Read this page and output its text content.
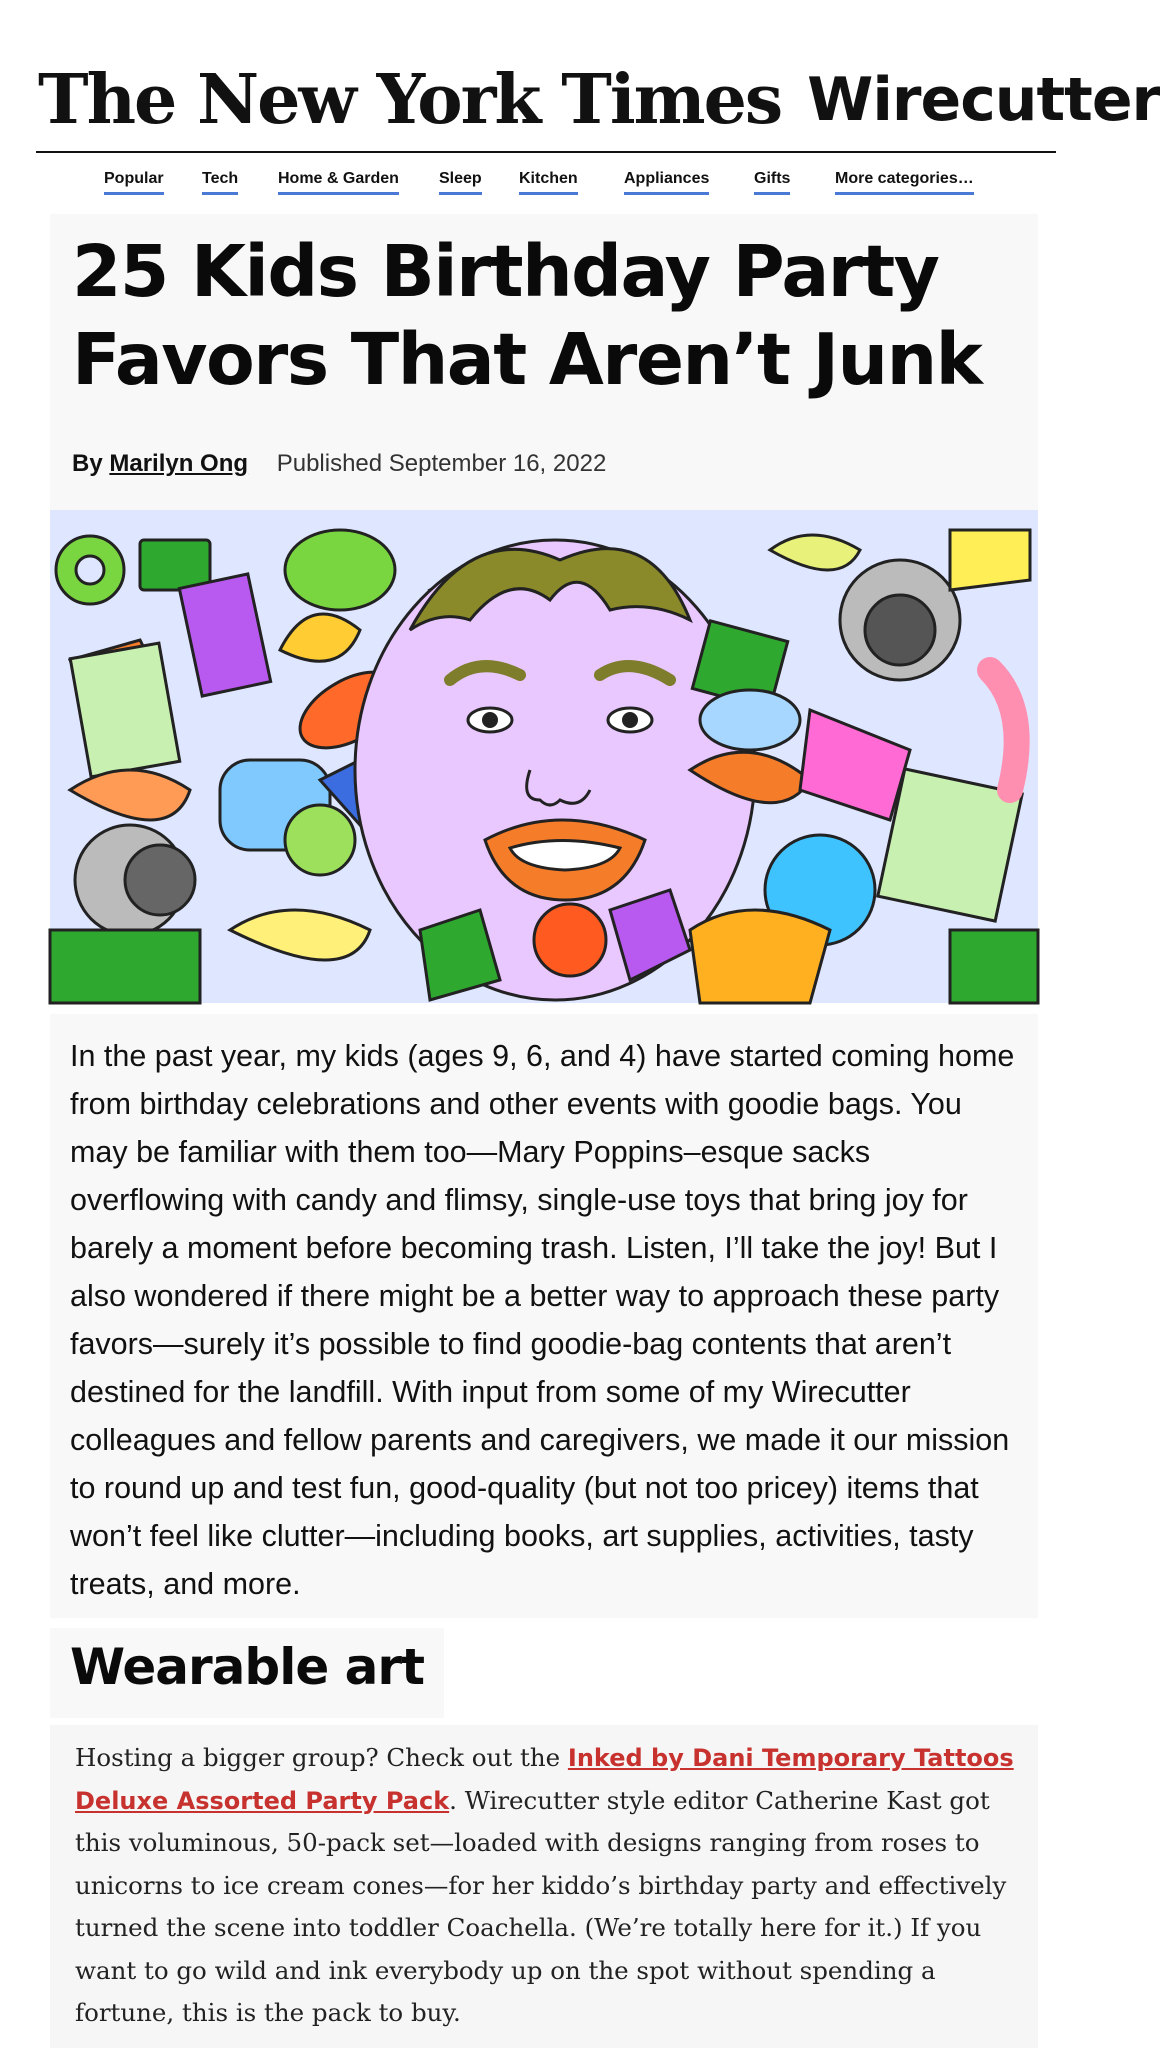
The New York Times Wirecutter
Popular Tech Home & Garden	Sleep Kitchen	Appliances	Gifts	More categories…
25 Kids Birthday Party Favors That Aren’t Junk
By Marilyn Ong Published September 16, 2022

In the past year, my kids (ages 9, 6, and 4) have started coming home from birthday celebrations and other events with goodie bags. You may be familiar with them too—Mary Poppins–esque sacks overflowing with candy and flimsy, single-use toys that bring joy for barely a moment before becoming trash. Listen, I’ll take the joy! But I also wondered if there might be a better way to approach these party favors—surely it’s possible to find goodie-bag contents that aren’t destined for the landfill. With input from some of my Wirecutter colleagues and fellow parents and caregivers, we made it our mission to round up and test fun, good-quality (but not too pricey) items that won’t feel like clutter—including books, art supplies, activities, tasty treats, and more.

Wearable art

Hosting a bigger group? Check out the Inked by Dani Temporary Tattoos Deluxe Assorted Party Pack. Wirecutter style editor Catherine Kast got this voluminous, 50-pack set—loaded with designs ranging from roses to unicorns to ice cream cones—for her kiddo’s birthday party and effectively turned the scene into toddler Coachella. (We’re totally here for it.) If you want to go wild and ink everybody up on the spot without spending a fortune, this is the pack to buy.
